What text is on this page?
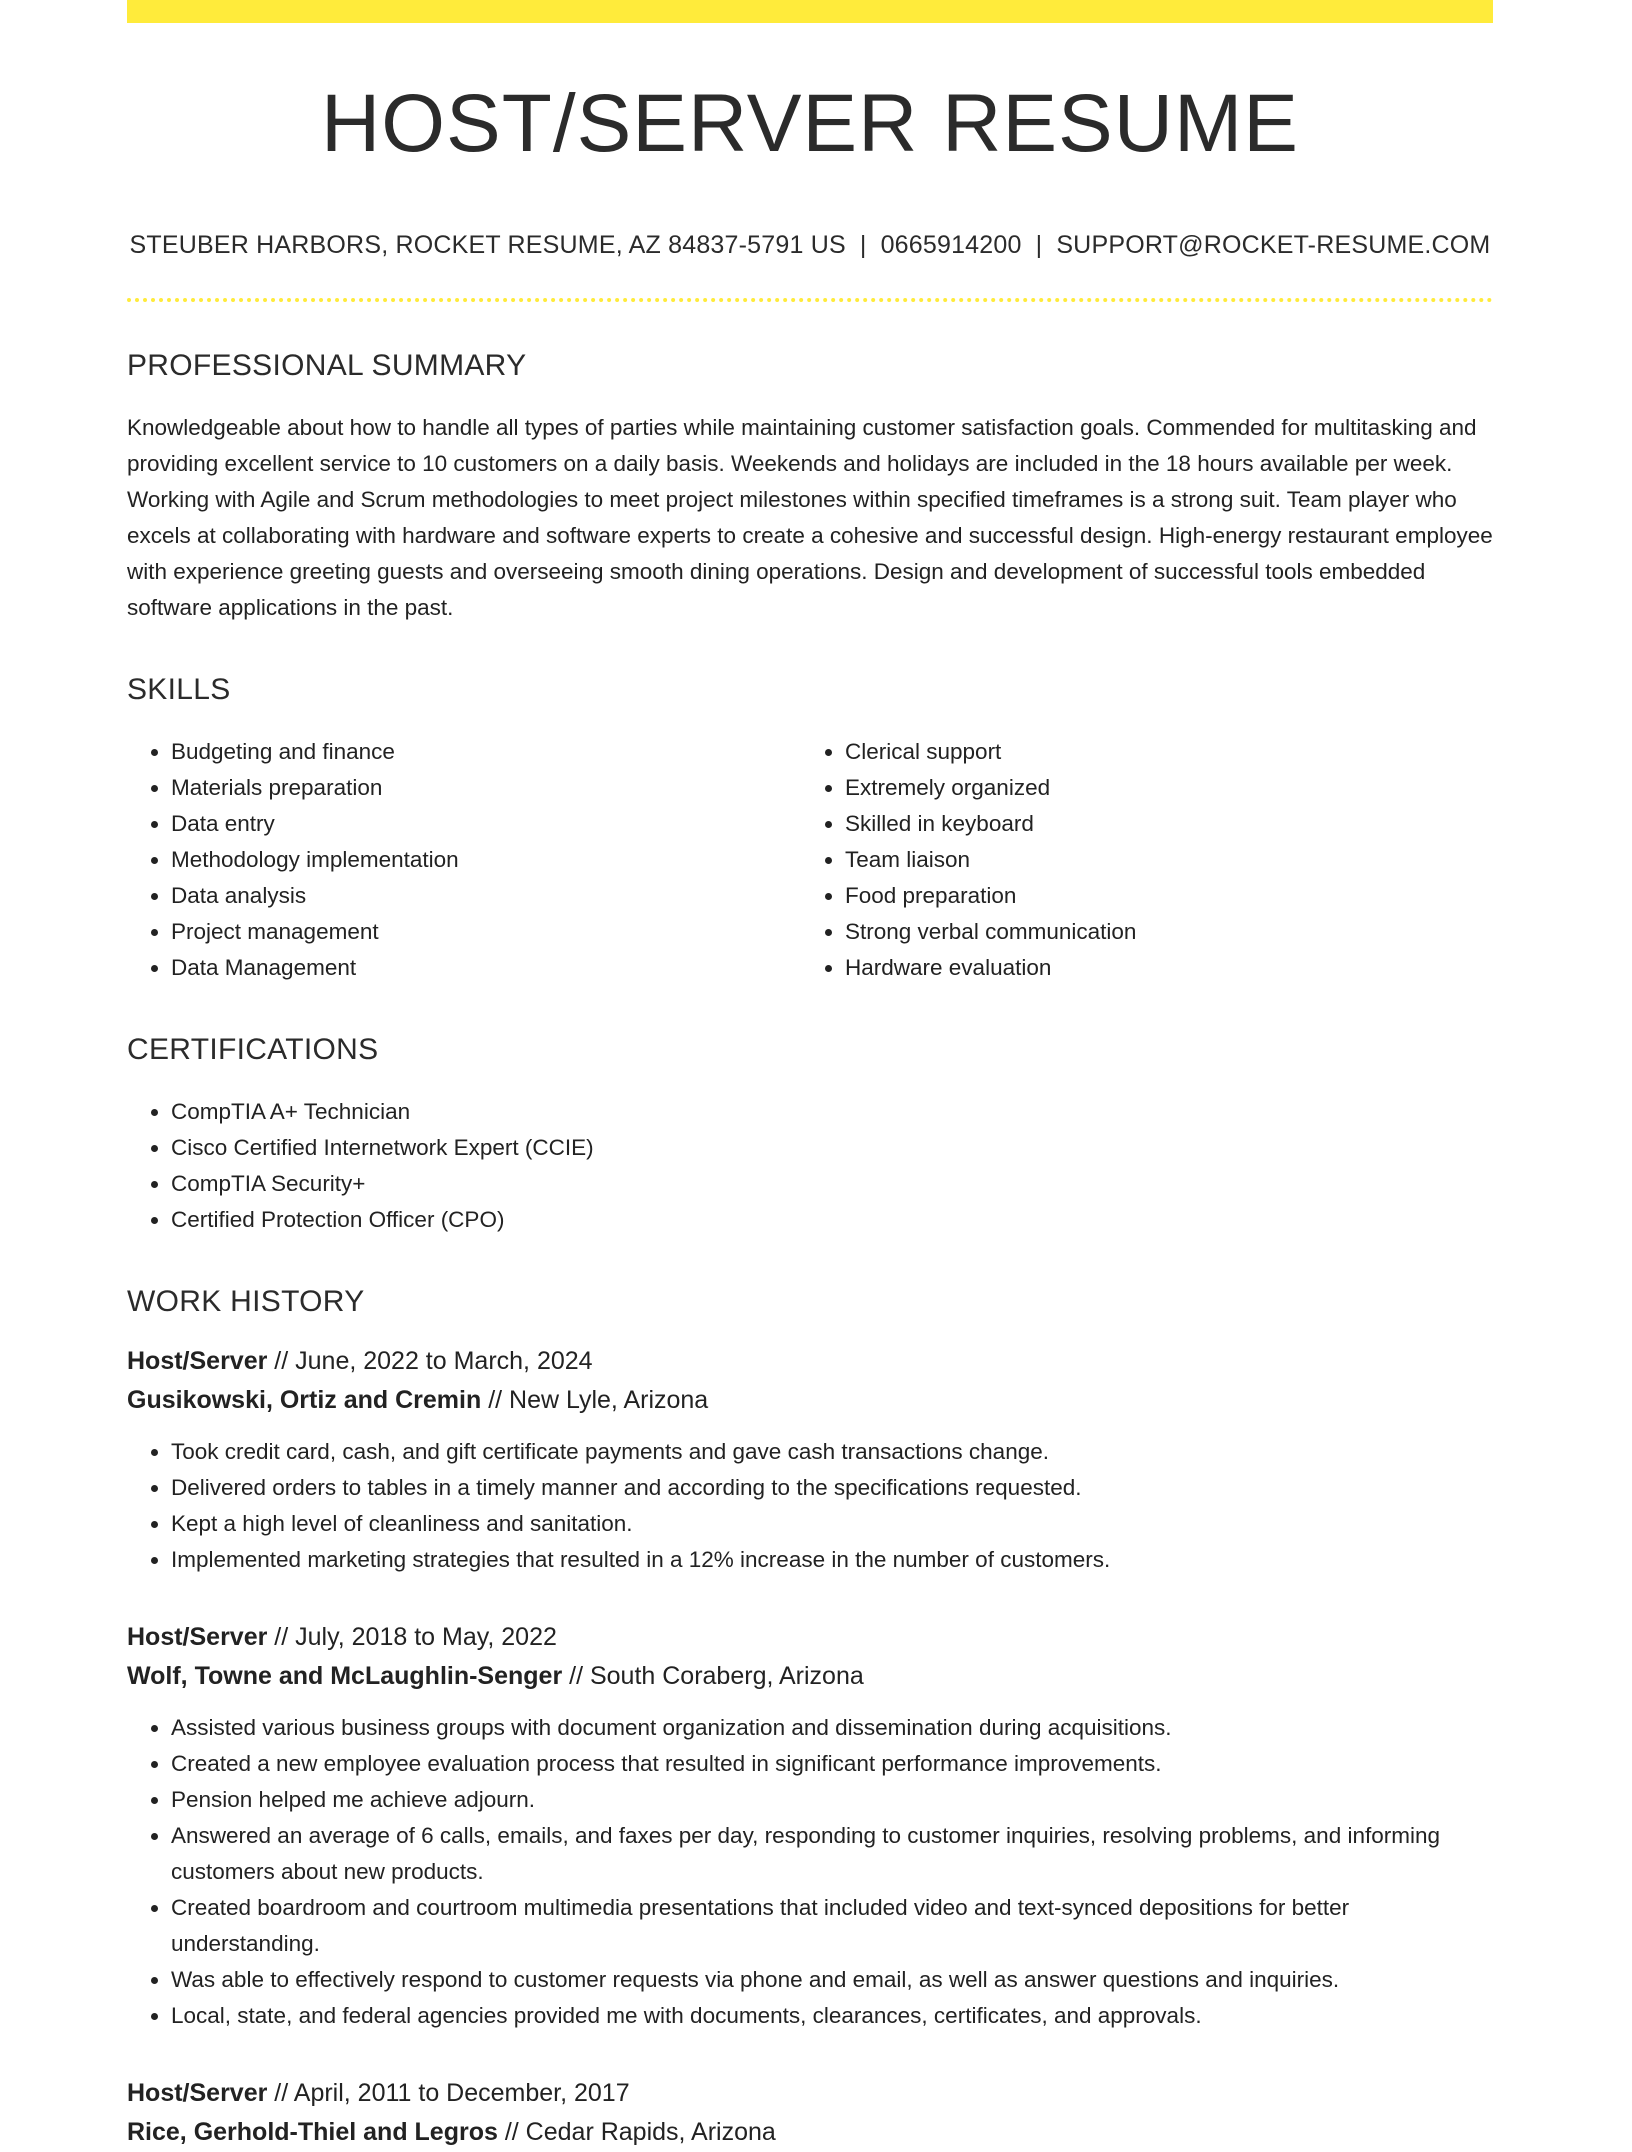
HOST/SERVER RESUME
STEUBER HARBORS, ROCKET RESUME, AZ 84837-5791 US | 0665914200 | SUPPORT@ROCKET-RESUME.COM
PROFESSIONAL SUMMARY

Knowledgeable about how to handle all types of parties while maintaining customer satisfaction goals. Commended for multitasking and providing excellent service to 10 customers on a daily basis. Weekends and holidays are included in the 18 hours available per week. Working with Agile and Scrum methodologies to meet project milestones within specified timeframes is a strong suit. Team player who excels at collaborating with hardware and software experts to create a cohesive and successful design. High-energy restaurant employee with experience greeting guests and overseeing smooth dining operations. Design and development of successful tools embedded software applications in the past.

SKILLS
• Budgeting and finance
• Materials preparation
• Data entry
• Methodology implementation
• Data analysis
• Project management
• Data Management
• Clerical support
• Extremely organized
• Skilled in keyboard
• Team liaison
• Food preparation
• Strong verbal communication
• Hardware evaluation
CERTIFICATIONS
• CompTIA A+ Technician
• Cisco Certified Internetwork Expert (CCIE)
• CompTIA Security+
• Certified Protection Officer (CPO)
WORK HISTORY
Host/Server // June, 2022 to March, 2024
Gusikowski, Ortiz and Cremin // New Lyle, Arizona
• Took credit card, cash, and gift certificate payments and gave cash transactions change.
• Delivered orders to tables in a timely manner and according to the specifications requested.
• Kept a high level of cleanliness and sanitation.
• Implemented marketing strategies that resulted in a 12% increase in the number of customers.
Host/Server // July, 2018 to May, 2022
Wolf, Towne and McLaughlin-Senger // South Coraberg, Arizona
• Assisted various business groups with document organization and dissemination during acquisitions.
• Created a new employee evaluation process that resulted in significant performance improvements.
• Pension helped me achieve adjourn.
• Answered an average of 6 calls, emails, and faxes per day, responding to customer inquiries, resolving problems, and informing customers about new products.
• Created boardroom and courtroom multimedia presentations that included video and text-synced depositions for better understanding.
• Was able to effectively respond to customer requests via phone and email, as well as answer questions and inquiries.
• Local, state, and federal agencies provided me with documents, clearances, certificates, and approvals.
Host/Server // April, 2011 to December, 2017
Rice, Gerhold-Thiel and Legros // Cedar Rapids, Arizona
